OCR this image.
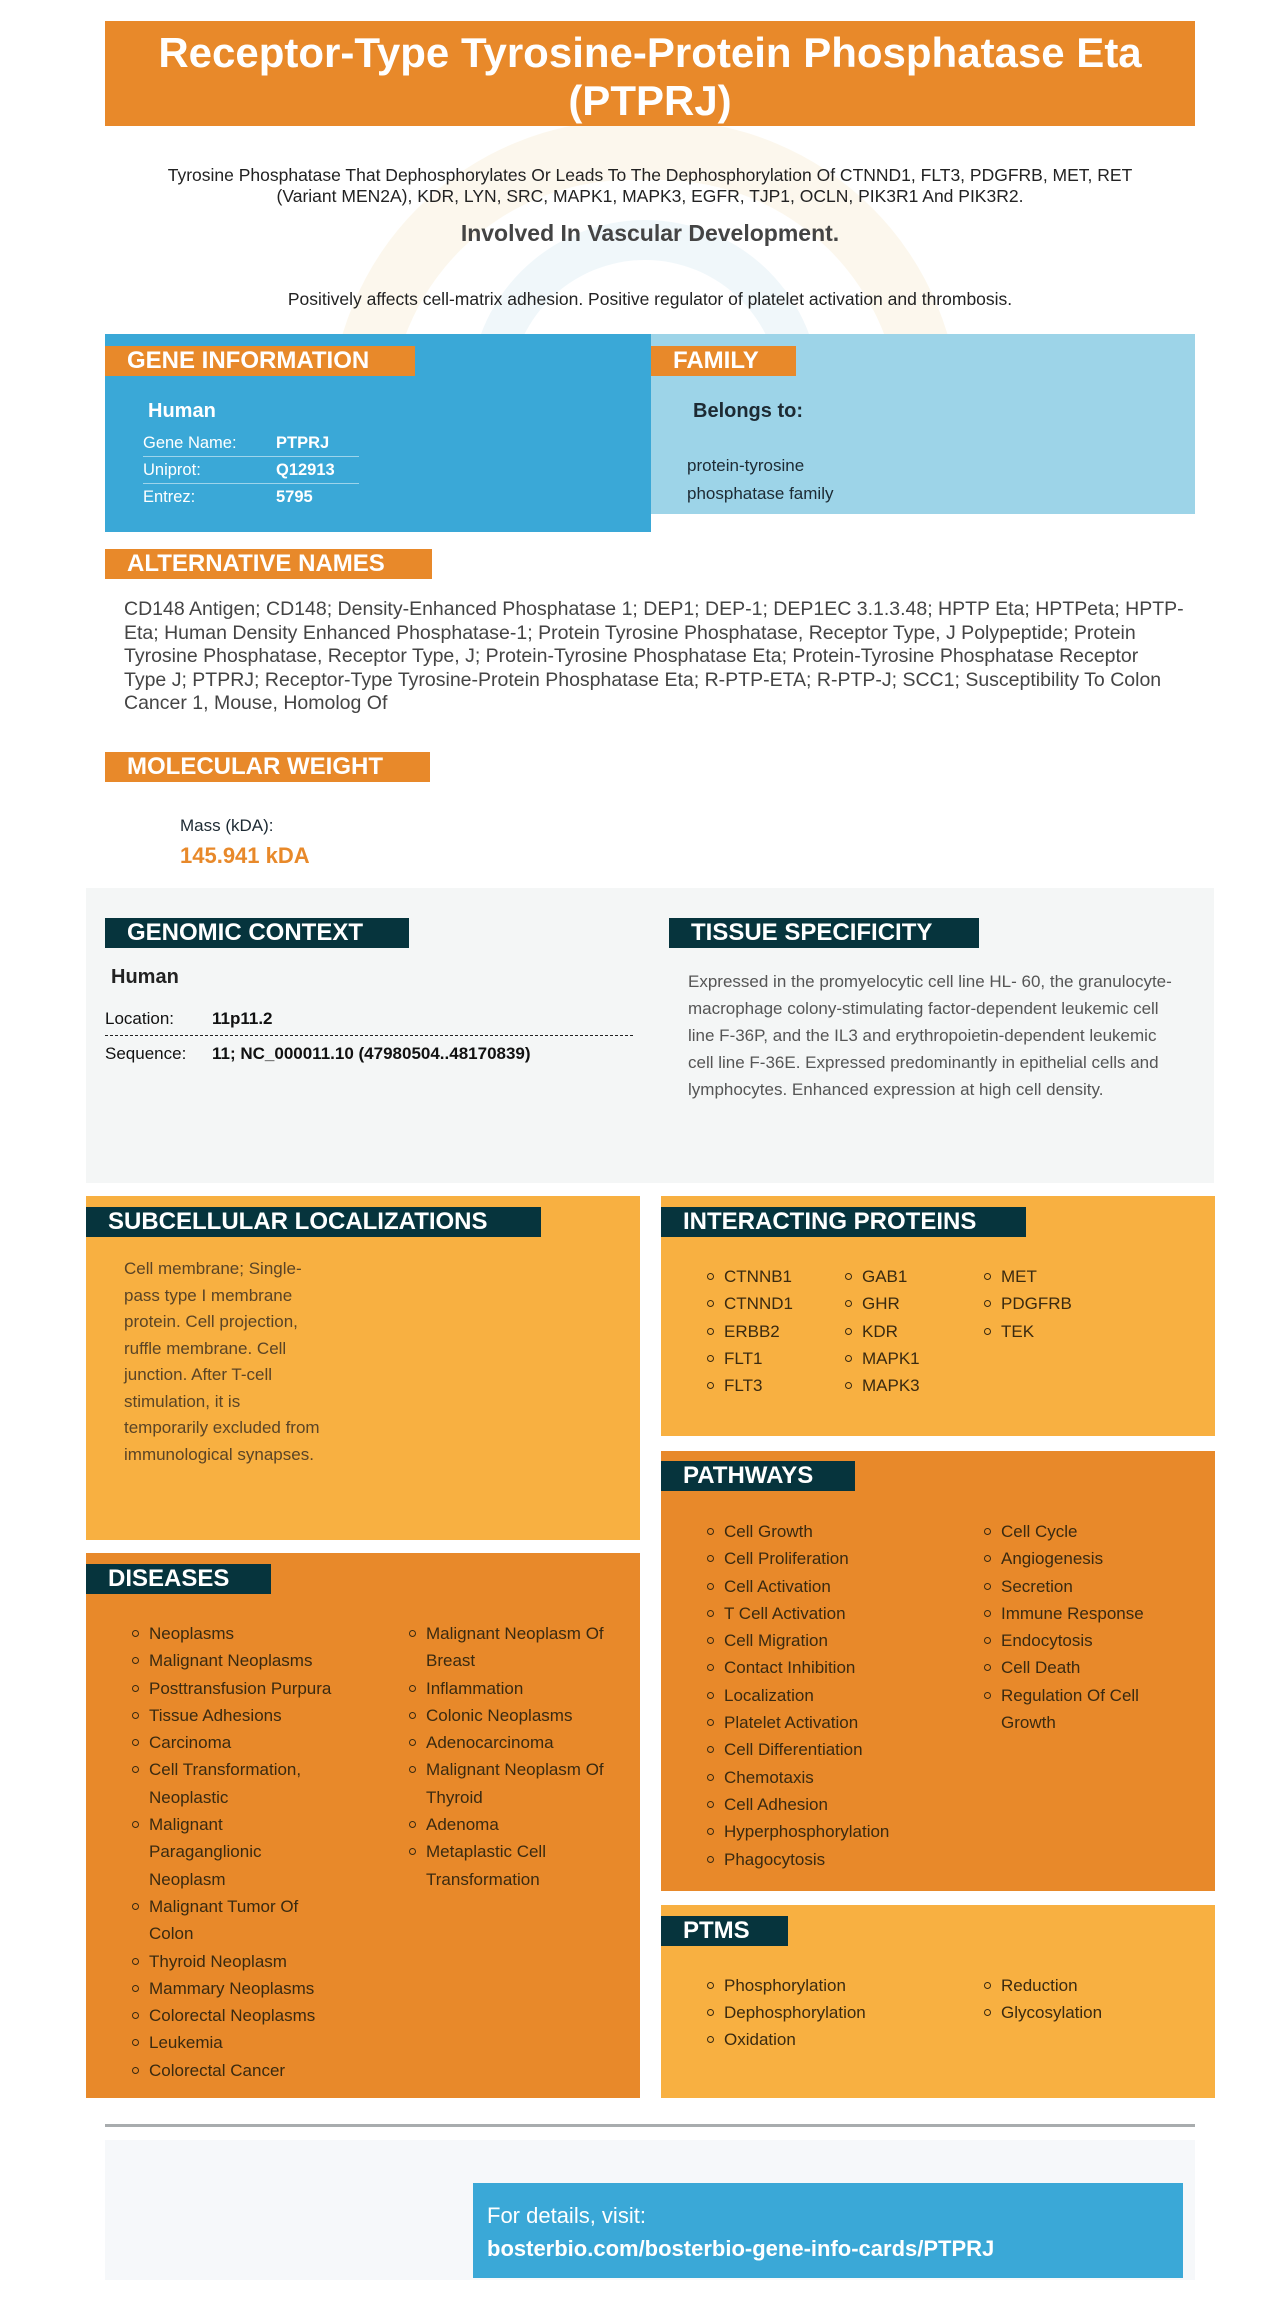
Receptor-Type Tyrosine-Protein Phosphatase Eta (PTPRJ)
Tyrosine Phosphatase That Dephosphorylates Or Leads To The Dephosphorylation Of CTNND1, FLT3, PDGFRB, MET, RET (Variant MEN2A), KDR, LYN, SRC, MAPK1, MAPK3, EGFR, TJP1, OCLN, PIK3R1 And PIK3R2.
Involved In Vascular Development.
Positively affects cell-matrix adhesion. Positive regulator of platelet activation and thrombosis.
GENE INFORMATION
Human
Gene Name:	PTPRJ
Uniprot:	Q12913
Entrez:	5795
FAMILY
Belongs to:
protein-tyrosine phosphatase family
ALTERNATIVE NAMES
CD148 Antigen; CD148; Density-Enhanced Phosphatase 1; DEP1; DEP-1; DEP1EC 3.1.3.48; HPTP Eta; HPTPeta; HPTP-Eta; Human Density Enhanced Phosphatase-1; Protein Tyrosine Phosphatase, Receptor Type, J Polypeptide; Protein Tyrosine Phosphatase, Receptor Type, J; Protein-Tyrosine Phosphatase Eta; Protein-Tyrosine Phosphatase Receptor Type J; PTPRJ; Receptor-Type Tyrosine-Protein Phosphatase Eta; R-PTP-ETA; R-PTP-J; SCC1; Susceptibility To Colon Cancer 1, Mouse, Homolog Of
MOLECULAR WEIGHT
Mass (kDA):
145.941 kDA
GENOMIC CONTEXT
Human
Location:	11p11.2
Sequence:	11; NC_000011.10 (47980504..48170839)
TISSUE SPECIFICITY
Expressed in the promyelocytic cell line HL- 60, the granulocyte-macrophage colony-stimulating factor-dependent leukemic cell line F-36P, and the IL3 and erythropoietin-dependent leukemic cell line F-36E. Expressed predominantly in epithelial cells and lymphocytes. Enhanced expression at high cell density.
SUBCELLULAR LOCALIZATIONS
Cell membrane; Single-pass type I membrane protein. Cell projection, ruffle membrane. Cell junction. After T-cell stimulation, it is temporarily excluded from immunological synapses.
INTERACTING PROTEINS
CTNNB1
CTNND1
ERBB2
FLT1
FLT3
GAB1
GHR
KDR
MAPK1
MAPK3
MET
PDGFRB
TEK
PATHWAYS
Cell Growth
Cell Proliferation
Cell Activation
T Cell Activation
Cell Migration
Contact Inhibition
Localization
Platelet Activation
Cell Differentiation
Chemotaxis
Cell Adhesion
Hyperphosphorylation
Phagocytosis
Cell Cycle
Angiogenesis
Secretion
Immune Response
Endocytosis
Cell Death
Regulation Of Cell Growth
DISEASES
Neoplasms
Malignant Neoplasms
Posttransfusion Purpura
Tissue Adhesions
Carcinoma
Cell Transformation, Neoplastic
Malignant Paraganglionic Neoplasm
Malignant Tumor Of Colon
Thyroid Neoplasm
Mammary Neoplasms
Colorectal Neoplasms
Leukemia
Colorectal Cancer
Malignant Neoplasm Of Breast
Inflammation
Colonic Neoplasms
Adenocarcinoma
Malignant Neoplasm Of Thyroid
Adenoma
Metaplastic Cell Transformation
PTMS
Phosphorylation
Dephosphorylation
Oxidation
Reduction
Glycosylation
For details, visit:
bosterbio.com/bosterbio-gene-info-cards/PTPRJ
